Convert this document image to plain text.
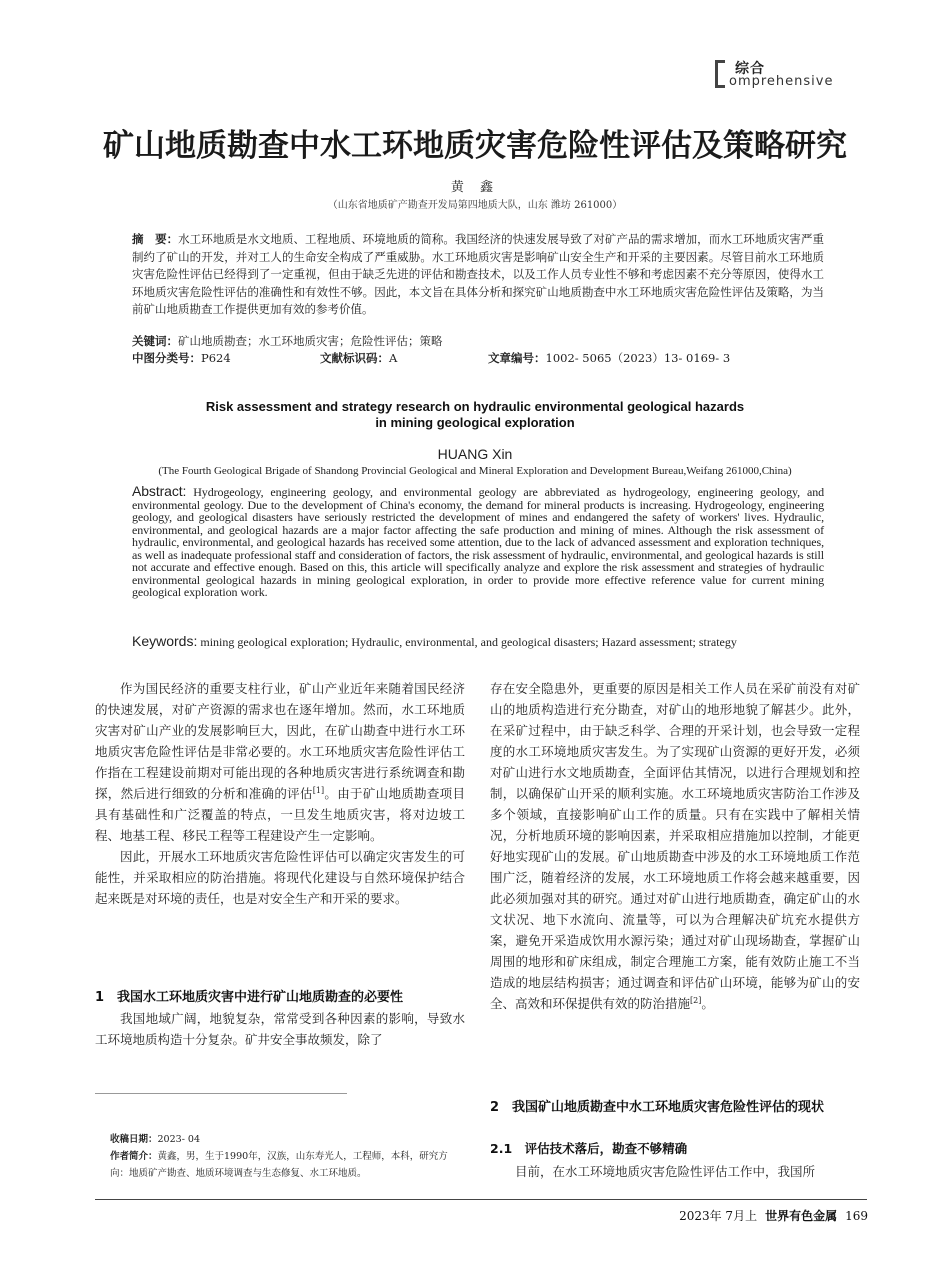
综合
omprehensive
矿山地质勘查中水工环地质灾害危险性评估及策略研究
黄 鑫
（山东省地质矿产勘查开发局第四地质大队，山东 潍坊 261000）
摘　要：水工环地质是水文地质、工程地质、环境地质的简称。我国经济的快速发展导致了对矿产品的需求增加，而水工环地质灾害严重制约了矿山的开发，并对工人的生命安全构成了严重威胁。水工环地质灾害是影响矿山安全生产和开采的主要因素。尽管目前水工环地质灾害危险性评估已经得到了一定重视，但由于缺乏先进的评估和勘查技术，以及工作人员专业性不够和考虑因素不充分等原因，使得水工环地质灾害危险性评估的准确性和有效性不够。因此，本文旨在具体分析和探究矿山地质勘查中水工环地质灾害危险性评估及策略，为当前矿山地质勘查工作提供更加有效的参考价值。
关键词：矿山地质勘查；水工环地质灾害；危险性评估；策略
中图分类号：P624	文献标识码：A	文章编号：1002- 5065（2023）13- 0169- 3
Risk assessment and strategy research on hydraulic environmental geological hazards
in mining geological exploration
HUANG Xin
(The Fourth Geological Brigade of Shandong Provincial Geological and Mineral Exploration and Development Bureau,Weifang 261000,China)
Abstract: Hydrogeology, engineering geology, and environmental geology are abbreviated as hydrogeology, engineering geology, and environmental geology. Due to the development of China's economy, the demand for mineral products is increasing. Hydrogeology, engineering geology, and geological disasters have seriously restricted the development of mines and endangered the safety of workers' lives. Hydraulic, environmental, and geological hazards are a major factor affecting the safe production and mining of mines. Although the risk assessment of hydraulic, environmental, and geological hazards has received some attention, due to the lack of advanced assessment and exploration techniques, as well as inadequate professional staff and consideration of factors, the risk assessment of hydraulic, environmental, and geological hazards is still not accurate and effective enough. Based on this, this article will specifically analyze and explore the risk assessment and strategies of hydraulic environmental geological hazards in mining geological exploration, in order to provide more effective reference value for current mining geological exploration work.
Keywords: mining geological exploration; Hydraulic, environmental, and geological disasters; Hazard assessment; strategy

作为国民经济的重要支柱行业，矿山产业近年来随着国民经济的快速发展，对矿产资源的需求也在逐年增加。然而，水工环地质灾害对矿山产业的发展影响巨大，因此，在矿山勘查中进行水工环地质灾害危险性评估是非常必要的。水工环地质灾害危险性评估工作指在工程建设前期对可能出现的各种地质灾害进行系统调查和勘探，然后进行细致的分析和准确的评估[1]。由于矿山地质勘查项目具有基础性和广泛覆盖的特点，一旦发生地质灾害，将对边坡工程、地基工程、移民工程等工程建设产生一定影响。

因此，开展水工环地质灾害危险性评估可以确定灾害发生的可能性，并采取相应的防治措施。将现代化建设与自然环境保护结合起来既是对环境的责任，也是对安全生产和开采的要求。

1　我国水工环地质灾害中进行矿山地质勘查的必要性

我国地域广阔，地貌复杂，常常受到各种因素的影响，导致水工环境地质构造十分复杂。矿井安全事故频发，除了

收稿日期：2023- 04
作者简介：黄鑫，男，生于1990年，汉族，山东寿光人，工程师，本科，研究方向：地质矿产勘查、地质环境调查与生态修复、水工环地质。

存在安全隐患外，更重要的原因是相关工作人员在采矿前没有对矿山的地质构造进行充分勘查，对矿山的地形地貌了解甚少。此外，在采矿过程中，由于缺乏科学、合理的开采计划，也会导致一定程度的水工环境地质灾害发生。为了实现矿山资源的更好开发，必须对矿山进行水文地质勘查，全面评估其情况，以进行合理规划和控制，以确保矿山开采的顺利实施。水工环境地质灾害防治工作涉及多个领域，直接影响矿山工作的质量。只有在实践中了解相关情况，分析地质环境的影响因素，并采取相应措施加以控制，才能更好地实现矿山的发展。矿山地质勘查中涉及的水工环境地质工作范围广泛，随着经济的发展，水工环境地质工作将会越来越重要，因此必须加强对其的研究。通过对矿山进行地质勘查，确定矿山的水文状况、地下水流向、流量等，可以为合理解决矿坑充水提供方案，避免开采造成饮用水源污染；通过对矿山现场勘查，掌握矿山周围的地形和矿床组成，制定合理施工方案，能有效防止施工不当造成的地层结构损害；通过调查和评估矿山环境，能够为矿山的安全、高效和环保提供有效的防治措施[2]。

2　我国矿山地质勘查中水工环地质灾害危险性评估的现状
2.1　评估技术落后，勘查不够精确

目前，在水工环境地质灾害危险性评估工作中，我国所

2023年 7月上 世界有色金属 169
